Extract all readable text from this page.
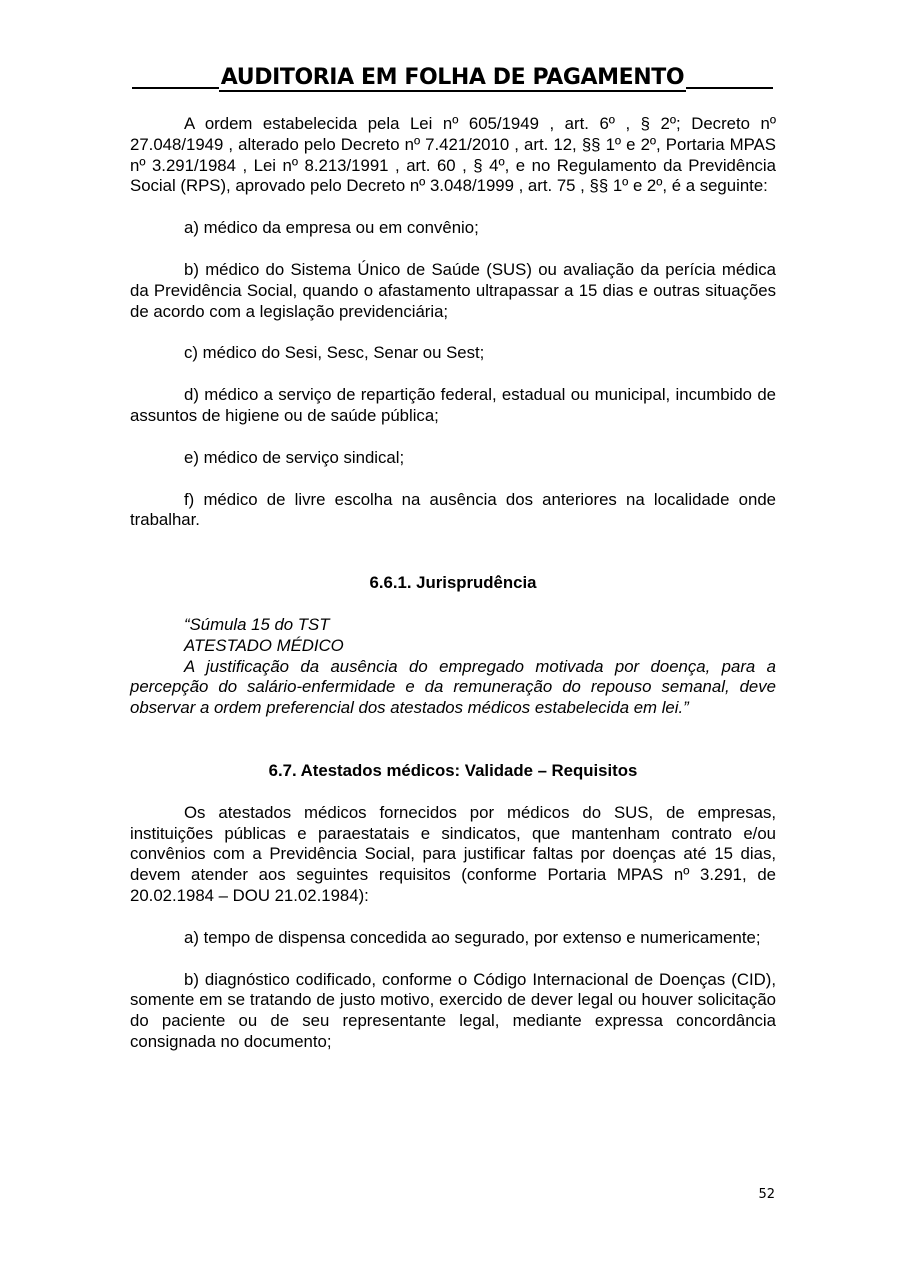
AUDITORIA EM FOLHA DE PAGAMENTO

A ordem estabelecida pela Lei nº 605/1949 , art. 6º , § 2º; Decreto nº 27.048/1949 , alterado pelo Decreto nº 7.421/2010 , art. 12, §§ 1º e 2º, Portaria MPAS nº 3.291/1984 , Lei nº 8.213/1991 , art. 60 , § 4º, e no Regulamento da Previdência Social (RPS), aprovado pelo Decreto nº 3.048/1999 , art. 75 , §§ 1º e 2º, é a seguinte:

a) médico da empresa ou em convênio;

b) médico do Sistema Único de Saúde (SUS) ou avaliação da perícia médica da Previdência Social, quando o afastamento ultrapassar a 15 dias e outras situações de acordo com a legislação previdenciária;

c) médico do Sesi, Sesc, Senar ou Sest;

d) médico a serviço de repartição federal, estadual ou municipal, incumbido de assuntos de higiene ou de saúde pública;

e) médico de serviço sindical;

f) médico de livre escolha na ausência dos anteriores na localidade onde trabalhar.

6.6.1. Jurisprudência

“Súmula 15 do TST

ATESTADO MÉDICO

A justificação da ausência do empregado motivada por doença, para a percepção do salário-enfermidade e da remuneração do repouso semanal, deve observar a ordem preferencial dos atestados médicos estabelecida em lei.”

6.7. Atestados médicos: Validade – Requisitos

Os atestados médicos fornecidos por médicos do SUS, de empresas, instituições públicas e paraestatais e sindicatos, que mantenham contrato e/ou convênios com a Previdência Social, para justificar faltas por doenças até 15 dias, devem atender aos seguintes requisitos (conforme Portaria MPAS nº 3.291, de 20.02.1984 – DOU 21.02.1984):

a) tempo de dispensa concedida ao segurado, por extenso e numericamente;

b) diagnóstico codificado, conforme o Código Internacional de Doenças (CID), somente em se tratando de justo motivo, exercido de dever legal ou houver solicitação do paciente ou de seu representante legal, mediante expressa concordância consignada no documento;

52
